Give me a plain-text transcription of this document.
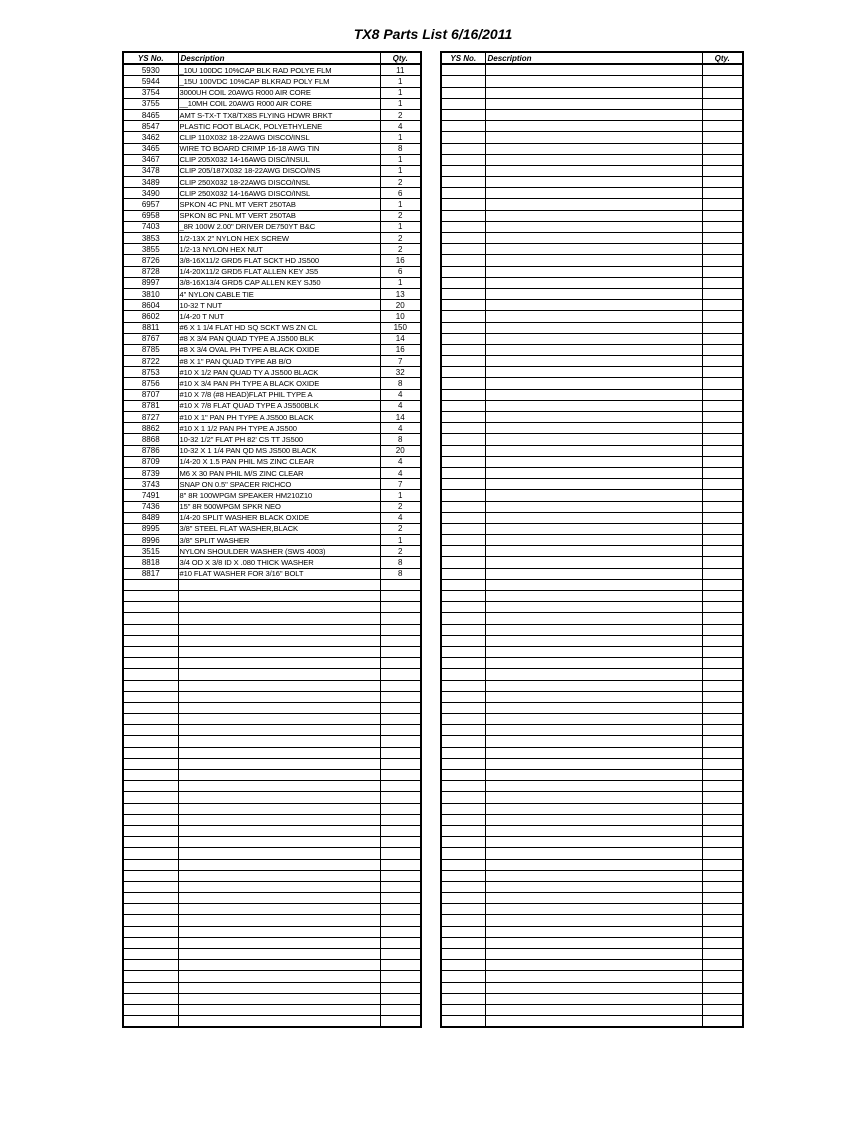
TX8 Parts List 6/16/2011
YS No.	Description	Qty.
5930	_10U 100DC 10%CAP BLK RAD POLYE FLM	11
5944	_15U 100VDC 10%CAP BLKRAD POLY FLM	1
3754	3000UH COIL 20AWG R000 AIR CORE	1
3755	__10MH COIL 20AWG R000 AIR CORE	1
8465	AMT S-TX-T TX8/TX8S FLYING HDWR BRKT	2
8547	PLASTIC FOOT BLACK, POLYETHYLENE	4
3462	CLIP 110X032 18-22AWG DISCO/INSL	1
3465	WIRE TO BOARD CRIMP 16-18 AWG TIN	8
3467	CLIP 205X032 14-16AWG DISC/INSUL	1
3478	CLIP 205/187X032 18-22AWG DISCO/INS	1
3489	CLIP 250X032 18-22AWG DISCO/INSL	2
3490	CLIP 250X032 14-16AWG DISCO/INSL	6
6957	SPKON 4C PNL MT VERT 250TAB	1
6958	SPKON 8C PNL MT VERT 250TAB	2
7403	_8R 100W 2.00" DRIVER DE750YT B&C	1
3853	1/2-13X 2" NYLON HEX SCREW	2
3855	1/2-13 NYLON HEX NUT	2
8726	3/8-16X11/2 GRD5 FLAT SCKT HD JS500	16
8728	1/4-20X11/2 GRD5 FLAT ALLEN KEY JS5	6
8997	3/8-16X13/4 GRD5 CAP ALLEN KEY SJ50	1
3810	4" NYLON CABLE TIE	13
8604	10-32 T NUT	20
8602	1/4-20 T NUT	10
8811	#6 X 1 1/4 FLAT HD SQ SCKT WS ZN CL	150
8767	#8 X 3/4 PAN QUAD TYPE A JS500 BLK	14
8785	#8 X 3/4 OVAL PH TYPE A BLACK OXIDE	16
8722	#8 X 1" PAN QUAD TYPE AB B/O	7
8753	#10 X 1/2 PAN QUAD TY A JS500 BLACK	32
8756	#10 X 3/4 PAN PH TYPE A BLACK OXIDE	8
8707	#10 X 7/8 (#8 HEAD)FLAT PHIL TYPE A	4
8781	#10 X 7/8 FLAT QUAD TYPE A JS500BLK	4
8727	#10 X 1" PAN PH TYPE A JS500 BLACK	14
8862	#10 X 1 1/2 PAN PH TYPE A JS500	4
8868	10-32 1/2" FLAT PH 82' CS TT JS500	8
8786	10-32 X 1 1/4 PAN QD MS JS500 BLACK	20
8709	1/4-20 X 1.5 PAN PHIL MS ZINC CLEAR	4
8739	M6 X 30 PAN PHIL M/S ZINC CLEAR	4
3743	SNAP ON 0.5" SPACER RICHCO	7
7491	8" 8R 100WPGM SPEAKER HM210Z10	1
7436	15" 8R 500WPGM SPKR NEO	2
8489	1/4-20 SPLIT WASHER BLACK OXIDE	4
8995	3/8" STEEL FLAT WASHER,BLACK	2
8996	3/8" SPLIT WASHER	1
3515	NYLON SHOULDER WASHER (SWS 4003)	2
8818	3/4 OD X 3/8 ID X .080 THICK WASHER	8
8817	#10 FLAT WASHER FOR 3/16" BOLT	8

YS No.	Description	Qty.
